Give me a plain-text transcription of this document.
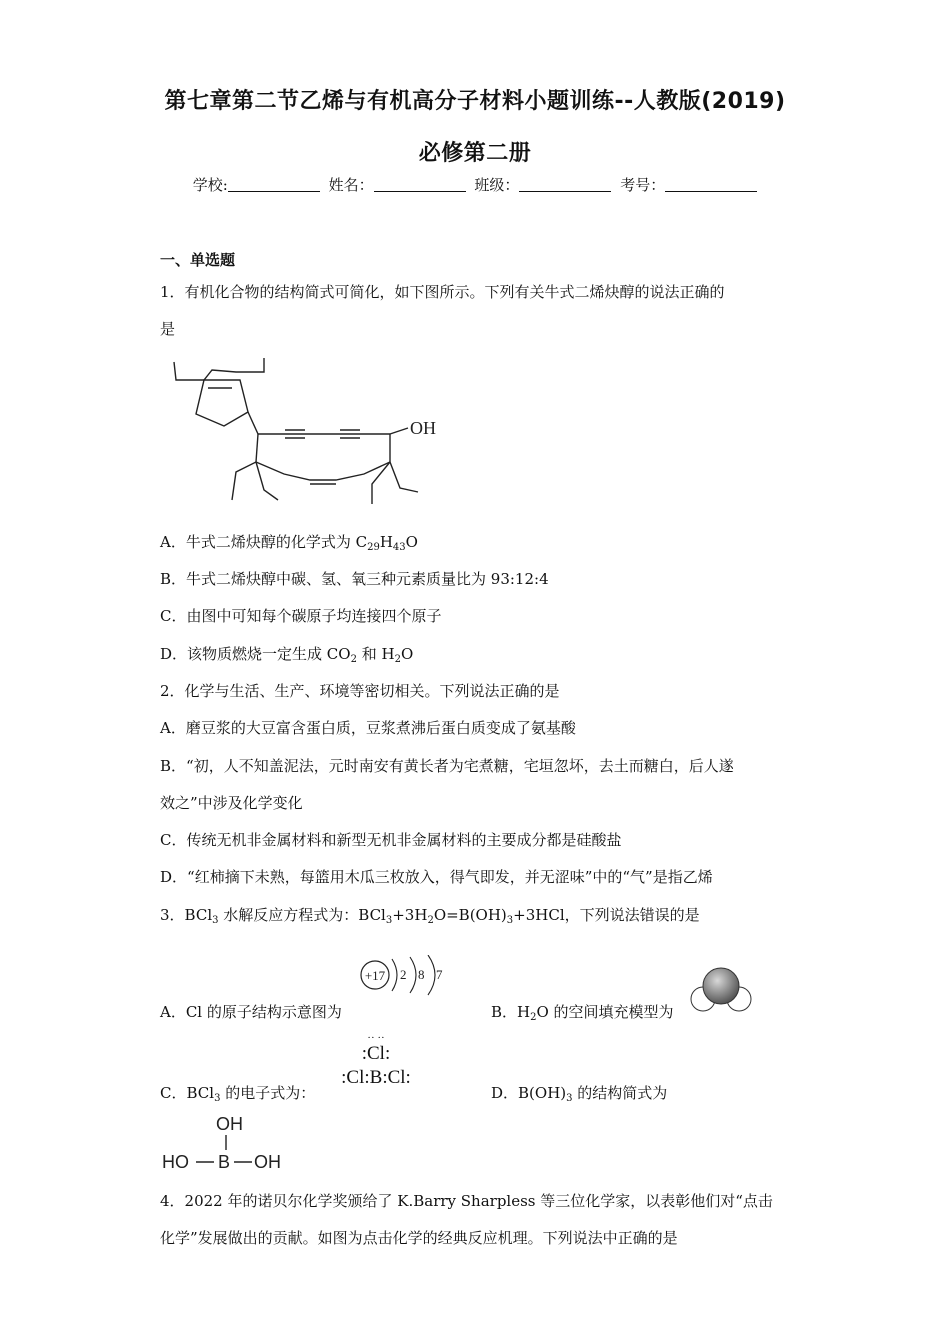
第七章第二节乙烯与有机高分子材料小题训练--人教版(2019)
必修第二册
学校:	姓名：	班级：	考号：
一、单选题
1．有机化合物的结构简式可简化，如下图所示。下列有关牛式二烯炔醇的说法正确的
是
OH
A．牛式二烯炔醇的化学式为 $C_{29}H_{43}O$
B．牛式二烯炔醇中碳、氢、氧三种元素质量比为 93:12:4
C．由图中可知每个碳原子均连接四个原子
D．该物质燃烧一定生成 $CO_2$ 和 $H_2O$
2．化学与生活、生产、环境等密切相关。下列说法正确的是
A．磨豆浆的大豆富含蛋白质，豆浆煮沸后蛋白质变成了氨基酸
B．“初，人不知盖泥法，元时南安有黄长者为宅煮糖，宅垣忽坏，去土而糖白，后人遂
效之”中涉及化学变化
C．传统无机非金属材料和新型无机非金属材料的主要成分都是硅酸盐
D．“红柿摘下未熟，每篮用木瓜三枚放入，得气即发，并无涩味”中的“气”是指乙烯
3．BCl$_3$ 水解反应方程式为：$BCl_3+3H_2O=B(OH)_3+3HCl$，下列说法错误的是
A．Cl 的原子结构示意图为
+17 2 8 7
B．$H_2O$ 的空间填充模型为
C．BCl$_3$ 的电子式为：
·· ··
:Cl:
:Cl:B:Cl:
D．$B(OH)_3$ 的结构简式为
OH
HO B OH
4．2022 年的诺贝尔化学奖颁给了 K.Barry Sharpless 等三位化学家，以表彰他们对“点击
化学”发展做出的贡献。如图为点击化学的经典反应机理。下列说法中正确的是
